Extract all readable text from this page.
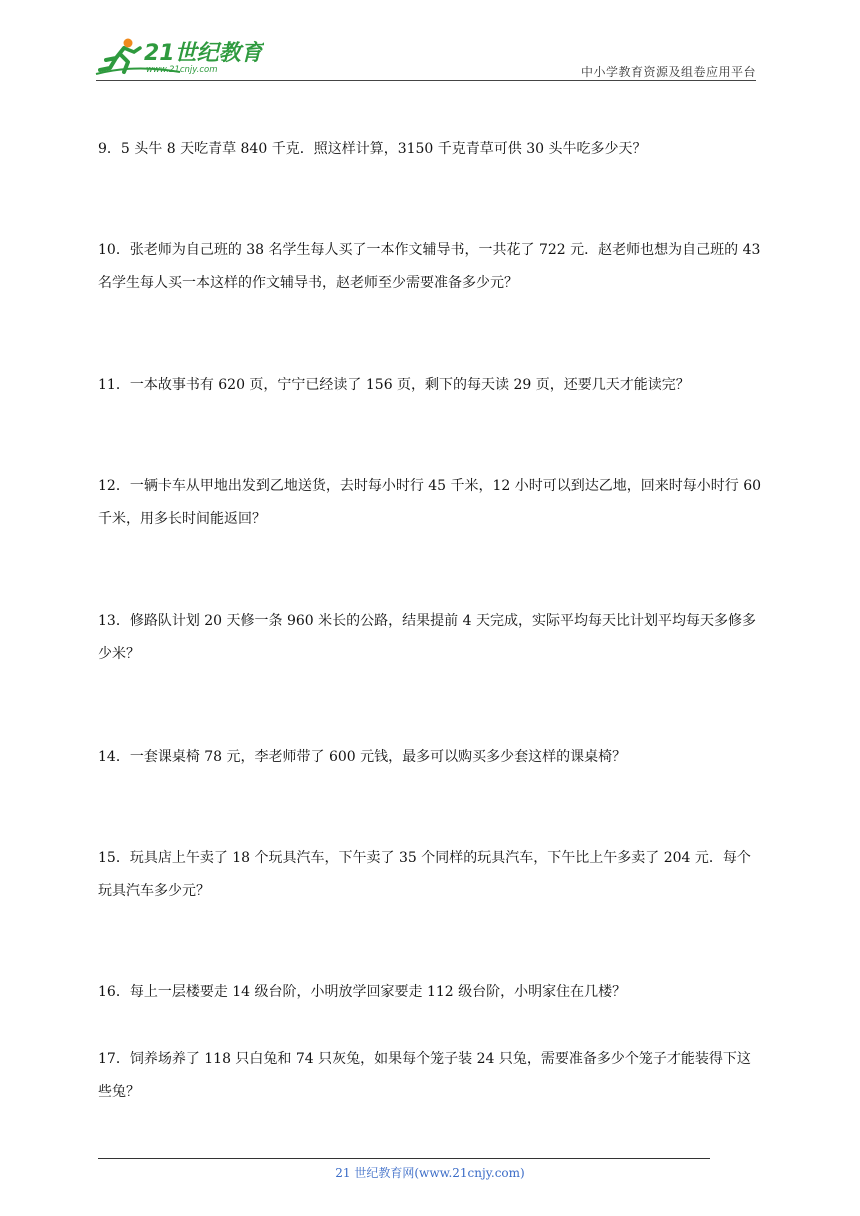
21世纪教育
www.21cnjy.com	中小学教育资源及组卷应用平台
9．5 头牛 8 天吃青草 840 千克．照这样计算，3150 千克青草可供 30 头牛吃多少天？
10．张老师为自己班的 38 名学生每人买了一本作文辅导书，一共花了 722 元．赵老师也想为自己班的 43 名学生每人买一本这样的作文辅导书，赵老师至少需要准备多少元？
11．一本故事书有 620 页，宁宁已经读了 156 页，剩下的每天读 29 页，还要几天才能读完？
12．一辆卡车从甲地出发到乙地送货，去时每小时行 45 千米，12 小时可以到达乙地，回来时每小时行 60 千米，用多长时间能返回？
13．修路队计划 20 天修一条 960 米长的公路，结果提前 4 天完成，实际平均每天比计划平均每天多修多少米？
14．一套课桌椅 78 元，李老师带了 600 元钱，最多可以购买多少套这样的课桌椅？
15．玩具店上午卖了 18 个玩具汽车，下午卖了 35 个同样的玩具汽车，下午比上午多卖了 204 元．每个玩具汽车多少元？
16．每上一层楼要走 14 级台阶，小明放学回家要走 112 级台阶，小明家住在几楼？
17．饲养场养了 118 只白兔和 74 只灰兔，如果每个笼子装 24 只兔，需要准备多少个笼子才能装得下这些兔？
21 世纪教育网(www.21cnjy.com)
